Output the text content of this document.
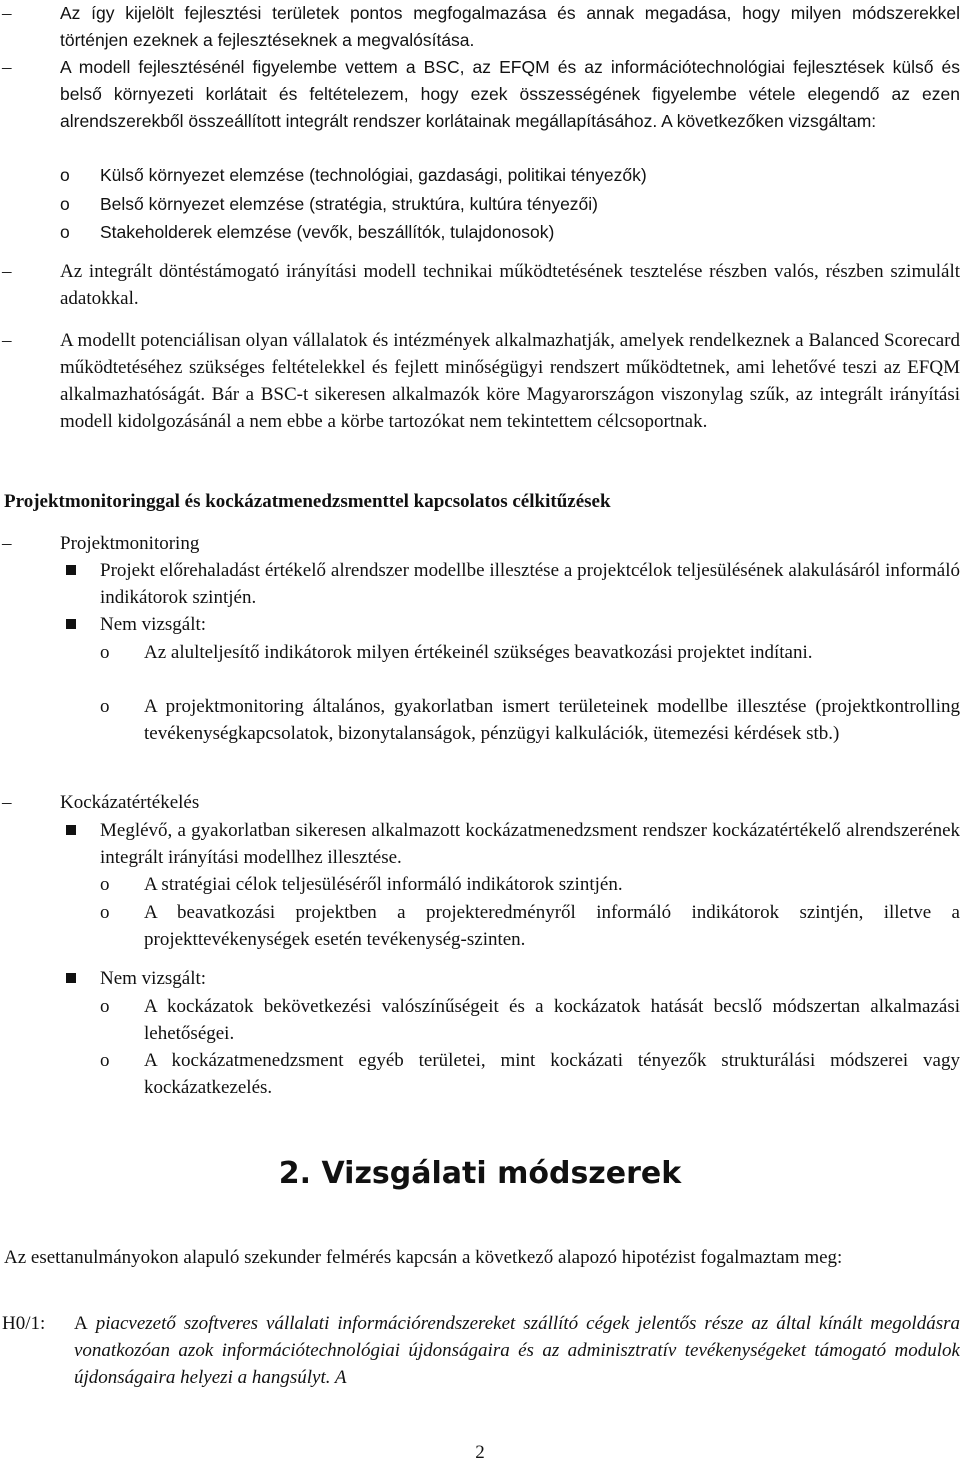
–	Az így kijelölt fejlesztési területek pontos megfogalmazása és annak megadása, hogy milyen módszerekkel történjen ezeknek a fejlesztéseknek a megvalósítása.

–	A modell fejlesztésénél figyelembe vettem a BSC, az EFQM és az információtechnológiai fejlesztések külső és belső környezeti korlátait és feltételezem, hogy ezek összességének figyelembe vétele elegendő az ezen alrendszerekből összeállított integrált rendszer korlátainak megállapításához. A következőken vizsgáltam:

o	Külső környezet elemzése (technológiai, gazdasági, politikai tényezők)

o	Belső környezet elemzése (stratégia, struktúra, kultúra tényezői)

o	Stakeholderek elemzése (vevők, beszállítók, tulajdonosok)

–	Az integrált döntéstámogató irányítási modell technikai működtetésének tesztelése részben valós, részben szimulált adatokkal.

–	A modellt potenciálisan olyan vállalatok és intézmények alkalmazhatják, amelyek rendelkeznek a Balanced Scorecard működtetéséhez szükséges feltételekkel és fejlett minőségügyi rendszert működtetnek, ami lehetővé teszi az EFQM alkalmazhatóságát. Bár a BSC-t sikeresen alkalmazók köre Magyarországon viszonylag szűk, az integrált irányítási modell kidolgozásánál a nem ebbe a körbe tartozókat nem tekintettem célcsoportnak.

Projektmonitoringgal és kockázatmenedzsmenttel kapcsolatos célkitűzések
–	Projektmonitoring

Projekt előrehaladást értékelő alrendszer modellbe illesztése a projektcélok teljesülésének alakulásáról informáló indikátorok szintjén.

Nem vizsgált:

o	Az alulteljesítő indikátorok milyen értékeinél szükséges beavatkozási projektet indítani.

o	A projektmonitoring általános, gyakorlatban ismert területeinek modellbe illesztése (projektkontrolling tevékenységkapcsolatok, bizonytalanságok, pénzügyi kalkulációk, ütemezési kérdések stb.)

–	Kockázatértékelés

Meglévő, a gyakorlatban sikeresen alkalmazott kockázatmenedzsment rendszer kockázatértékelő alrendszerének integrált irányítási modellhez illesztése.

o	A stratégiai célok teljesüléséről informáló indikátorok szintjén.

o	A beavatkozási projektben a projekteredményről informáló indikátorok szintjén, illetve a projekttevékenységek esetén tevékenység-szinten.

Nem vizsgált:

o	A kockázatok bekövetkezési valószínűségeit és a kockázatok hatását becslő módszertan alkalmazási lehetőségei.

o	A kockázatmenedzsment egyéb területei, mint kockázati tényezők strukturálási módszerei vagy kockázatkezelés.

2. Vizsgálati módszerek

Az esettanulmányokon alapuló szekunder felmérés kapcsán a következő alapozó hipotézist fogalmaztam meg:

H0/1: A piacvezető szoftveres vállalati információrendszereket szállító cégek jelentős része az által kínált megoldásra vonatkozóan azok információtechnológiai újdonságaira és az adminisztratív tevékenységeket támogató modulok újdonságaira helyezi a hangsúlyt. A

2
